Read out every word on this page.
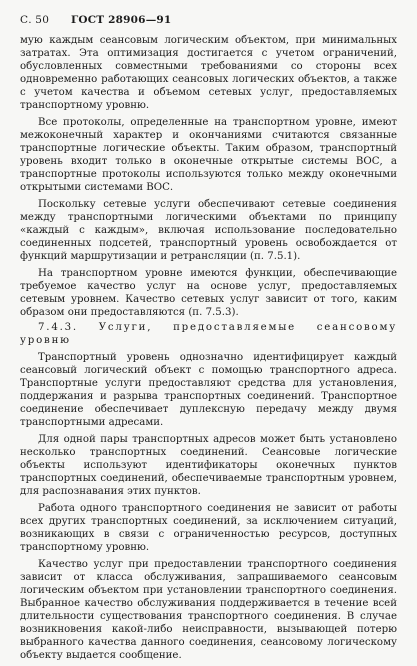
С. 50 ГОСТ 28906—91

мую каждым сеансовым логическим объектом, при минимальных затратах. Эта оптимизация достигается с учетом ограничений, обусловленных совместными требованиями со стороны всех одновременно работающих сеансовых логических объектов, а также с учетом качества и объемом сетевых услуг, предоставляемых транспортному уровню.

Все протоколы, определенные на транспортном уровне, имеют межоконечный характер и окончаниями считаются связанные транспортные логические объекты. Таким образом, транспортный уровень входит только в оконечные открытые системы ВОС, а транспортные протоколы используются только между оконечными открытыми системами ВОС.

Поскольку сетевые услуги обеспечивают сетевые соединения между транспортными логическими объектами по принципу «каждый с каждым», включая использование последовательно соединенных подсетей, транспортный уровень освобождается от функций маршрутизации и ретрансляции (п. 7.5.1).

На транспортном уровне имеются функции, обеспечивающие требуемое качество услуг на основе услуг, предоставляемых сетевым уровнем. Качество сетевых услуг зависит от того, каким образом они предоставляются (п. 7.5.3).

7.4.3. Услуги, предоставляемые сеансовому уровню

Транспортный уровень однозначно идентифицирует каждый сеансовый логический объект с помощью транспортного адреса. Транспортные услуги предоставляют средства для установления, поддержания и разрыва транспортных соединений. Транспортное соединение обеспечивает дуплексную передачу между двумя транспортными адресами.

Для одной пары транспортных адресов может быть установлено несколько транспортных соединений. Сеансовые логические объекты используют идентификаторы оконечных пунктов транспортных соединений, обеспечиваемые транспортным уровнем, для распознавания этих пунктов.

Работа одного транспортного соединения не зависит от работы всех других транспортных соединений, за исключением ситуаций, возникающих в связи с ограниченностью ресурсов, доступных транспортному уровню.

Качество услуг при предоставлении транспортного соединения зависит от класса обслуживания, запрашиваемого сеансовым логическим объектом при установлении транспортного соединения. Выбранное качество обслуживания поддерживается в течение всей длительности существования транспортного соединения. В случае возникновения какой-либо неисправности, вызывающей потерю выбранного качества данного соединения, сеансовому логическому объекту выдается сообщение.
